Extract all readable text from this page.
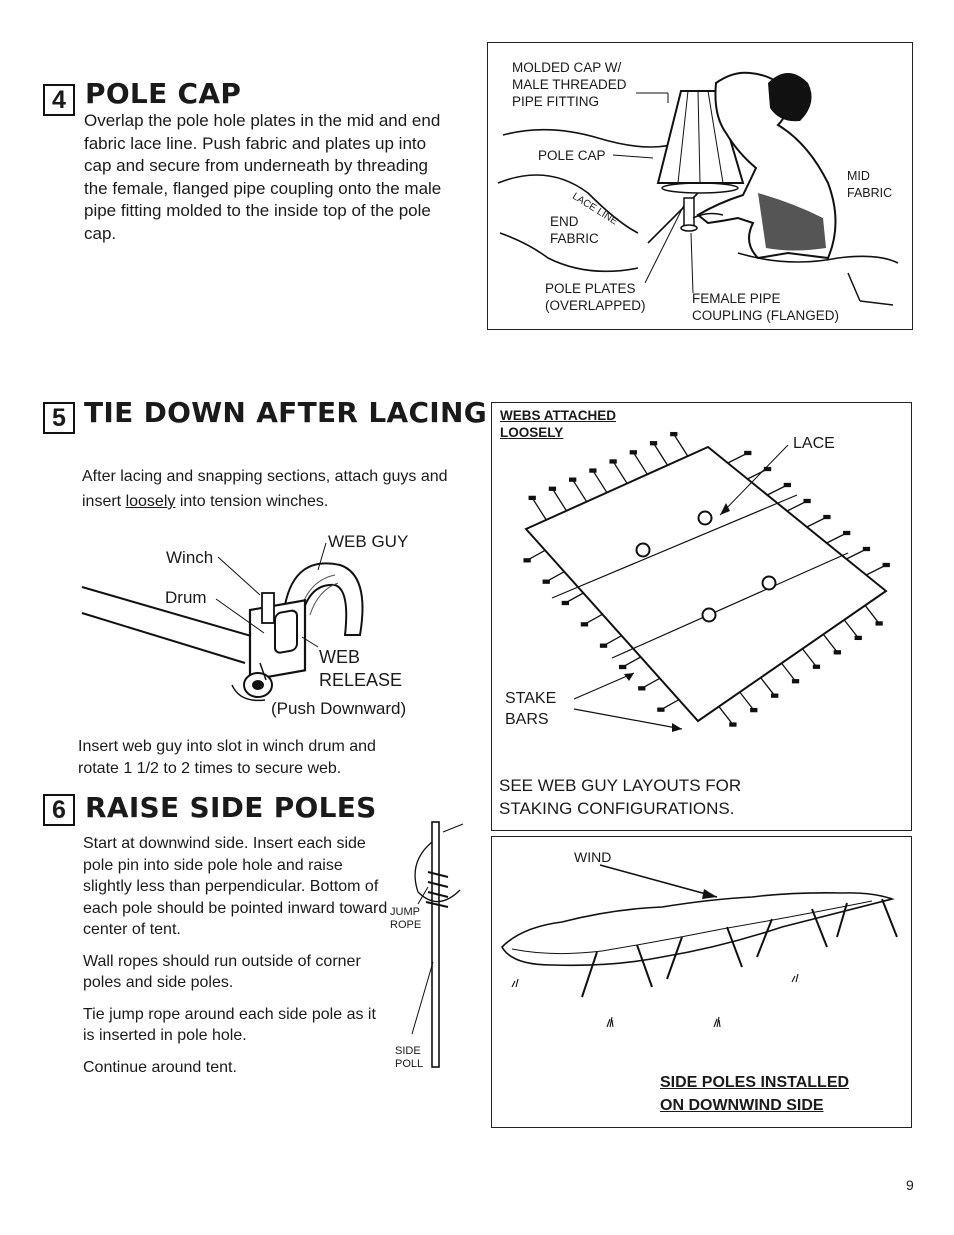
4 POLE CAP

Overlap the pole hole plates in the mid and end fabric lace line. Push fabric and plates up into cap and secure from underneath by threading the female, flanged pipe coupling onto the male pipe fitting molded to the inside top of the pole cap.

MOLDED CAP W/
MALE THREADED
PIPE FITTING
POLE CAP
LACE LINE
END
FABRIC
MID
FABRIC
POLE PLATES
(OVERLAPPED)	FEMALE PIPE
COUPLING (FLANGED)
5 TIE DOWN AFTER LACING

After lacing and snapping sections, attach guys and insert loosely into tension winches.

Winch
WEB GUY
Drum
WEB
RELEASE
(Push Downward)

Insert web guy into slot in winch drum and rotate 1 1/2 to 2 times to secure web.

WEBS ATTACHED
LOOSELY
LACE
STAKE
BARS
SEE WEB GUY LAYOUTS FOR
STAKING CONFIGURATIONS.
6 RAISE SIDE POLES

Start at downwind side. Insert each side pole pin into side pole hole and raise slightly less than perpendicular. Bottom of each pole should be pointed inward toward center of tent.

Wall ropes should run outside of corner poles and side poles.

Tie jump rope around each side pole as it is inserted in pole hole.

Continue around tent.

JUMP
ROPE
SIDE
POLL
WIND
SIDE POLES INSTALLED
ON DOWNWIND SIDE
9
